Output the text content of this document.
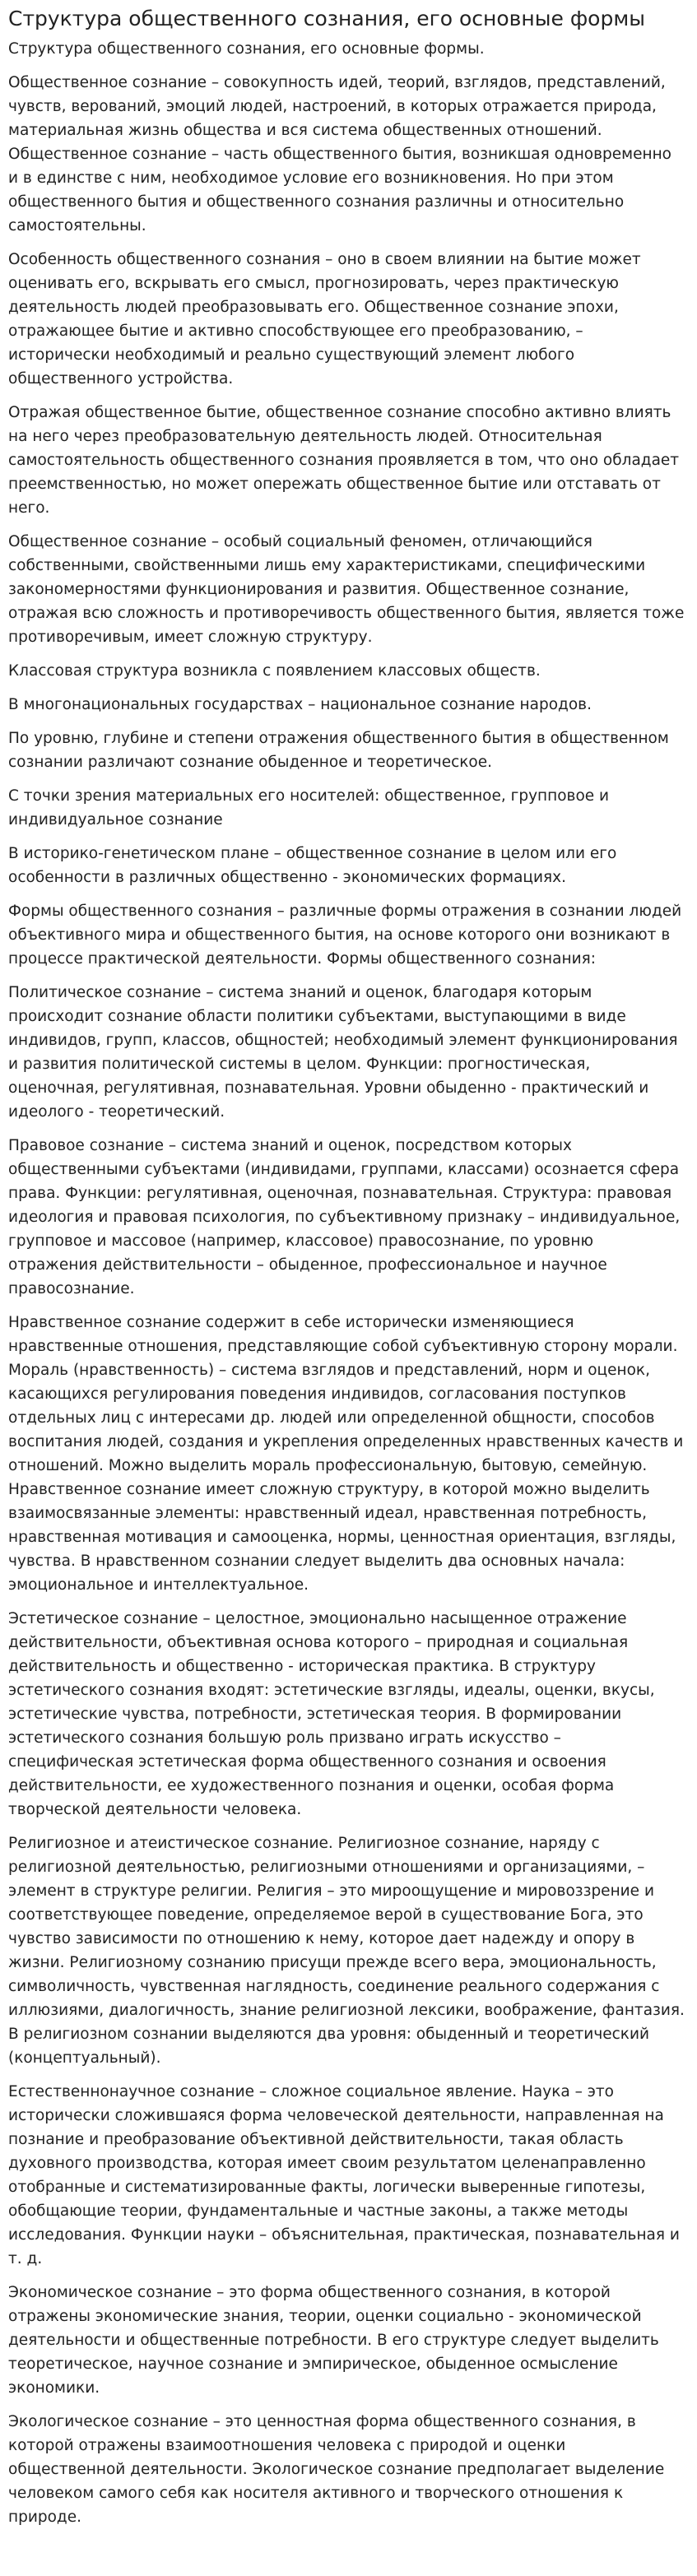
Структура общественного сознания, его основные формы

Структура общественного сознания, его основные формы.

Общественное сознание – совокупность идей, теорий, взглядов, представлений, чувств, верований, эмоций людей, настроений, в которых отражается природа, материальная жизнь общества и вся система общественных отношений. Общественное сознание – часть общественного бытия, возникшая одновременно и в единстве с ним, необходимое условие его возникновения. Но при этом общественного бытия и общественного сознания различны и относительно самостоятельны.

Особенность общественного сознания – оно в своем влиянии на бытие может оценивать его, вскрывать его смысл, прогнозировать, через практическую деятельность людей преобразовывать его. Общественное сознание эпохи, отражающее бытие и активно способствующее его преобразованию, – исторически необходимый и реально существующий элемент любого общественного устройства.

Отражая общественное бытие, общественное сознание способно активно влиять на него через преобразовательную деятельность людей. Относительная самостоятельность общественного сознания проявляется в том, что оно обладает преемственностью, но может опережать общественное бытие или отставать от него.

Общественное сознание – особый социальный феномен, отличающийся собственными, свойственными лишь ему характеристиками, специфическими закономерностями функционирования и развития. Общественное сознание, отражая всю сложность и противоречивость общественного бытия, является тоже противоречивым, имеет сложную структуру.

Классовая структура возникла с появлением классовых обществ.

В многонациональных государствах – национальное сознание народов.

По уровню, глубине и степени отражения общественного бытия в общественном сознании различают сознание обыденное и теоретическое.

С точки зрения материальных его носителей: общественное, групповое и индивидуальное сознание

В историко-генетическом плане – общественное сознание в целом или его особенности в различных общественно - экономических формациях.

Формы общественного сознания – различные формы отражения в сознании людей объективного мира и общественного бытия, на основе которого они возникают в процессе практической деятельности. Формы общественного сознания:

Политическое сознание – система знаний и оценок, благодаря которым происходит сознание области политики субъектами, выступающими в виде индивидов, групп, классов, общностей; необходимый элемент функционирования и развития политической системы в целом. Функции: прогностическая, оценочная, регулятивная, познавательная. Уровни обыденно - практический и идеолого - теоретический.

Правовое сознание – система знаний и оценок, посредством которых общественными субъектами (индивидами, группами, классами) осознается сфера права. Функции: регулятивная, оценочная, познавательная. Структура: правовая идеология и правовая психология, по субъективному признаку – индивидуальное, групповое и массовое (например, классовое) правосознание, по уровню отражения действительности – обыденное, профессиональное и научное правосознание.

Нравственное сознание содержит в себе исторически изменяющиеся нравственные отношения, представляющие собой субъективную сторону морали. Мораль (нравственность) – система взглядов и представлений, норм и оценок, касающихся регулирования поведения индивидов, согласования поступков отдельных лиц с интересами др. людей или определенной общности, способов воспитания людей, создания и укрепления определенных нравственных качеств и отношений. Можно выделить мораль профессиональную, бытовую, семейную. Нравственное сознание имеет сложную структуру, в которой можно выделить взаимосвязанные элементы: нравственный идеал, нравственная потребность, нравственная мотивация и самооценка, нормы, ценностная ориентация, взгляды, чувства. В нравственном сознании следует выделить два основных начала: эмоциональное и интеллектуальное.

Эстетическое сознание – целостное, эмоционально насыщенное отражение действительности, объективная основа которого – природная и социальная действительность и общественно - историческая практика. В структуру эстетического сознания входят: эстетические взгляды, идеалы, оценки, вкусы, эстетические чувства, потребности, эстетическая теория. В формировании эстетического сознания большую роль призвано играть искусство – специфическая эстетическая форма общественного сознания и освоения действительности, ее художественного познания и оценки, особая форма творческой деятельности человека.

Религиозное и атеистическое сознание. Религиозное сознание, наряду с религиозной деятельностью, религиозными отношениями и организациями, – элемент в структуре религии. Религия – это мироощущение и мировоззрение и соответствующее поведение, определяемое верой в существование Бога, это чувство зависимости по отношению к нему, которое дает надежду и опору в жизни. Религиозному сознанию присущи прежде всего вера, эмоциональность, символичность, чувственная наглядность, соединение реального содержания с иллюзиями, диалогичность, знание религиозной лексики, воображение, фантазия. В религиозном сознании выделяются два уровня: обыденный и теоретический (концептуальный).

Естественнонаучное сознание – сложное социальное явление. Наука – это исторически сложившаяся форма человеческой деятельности, направленная на познание и преобразование объективной действительности, такая область духовного производства, которая имеет своим результатом целенаправленно отобранные и систематизированные факты, логически выверенные гипотезы, обобщающие теории, фундаментальные и частные законы, а также методы исследования. Функции науки – объяснительная, практическая, познавательная и т. д.

Экономическое сознание – это форма общественного сознания, в которой отражены экономические знания, теории, оценки социально - экономической деятельности и общественные потребности. В его структуре следует выделить теоретическое, научное сознание и эмпирическое, обыденное осмысление экономики.

Экологическое сознание – это ценностная форма общественного сознания, в которой отражены взаимоотношения человека с природой и оценки общественной деятельности. Экологическое сознание предполагает выделение человеком самого себя как носителя активного и творческого отношения к природе.
